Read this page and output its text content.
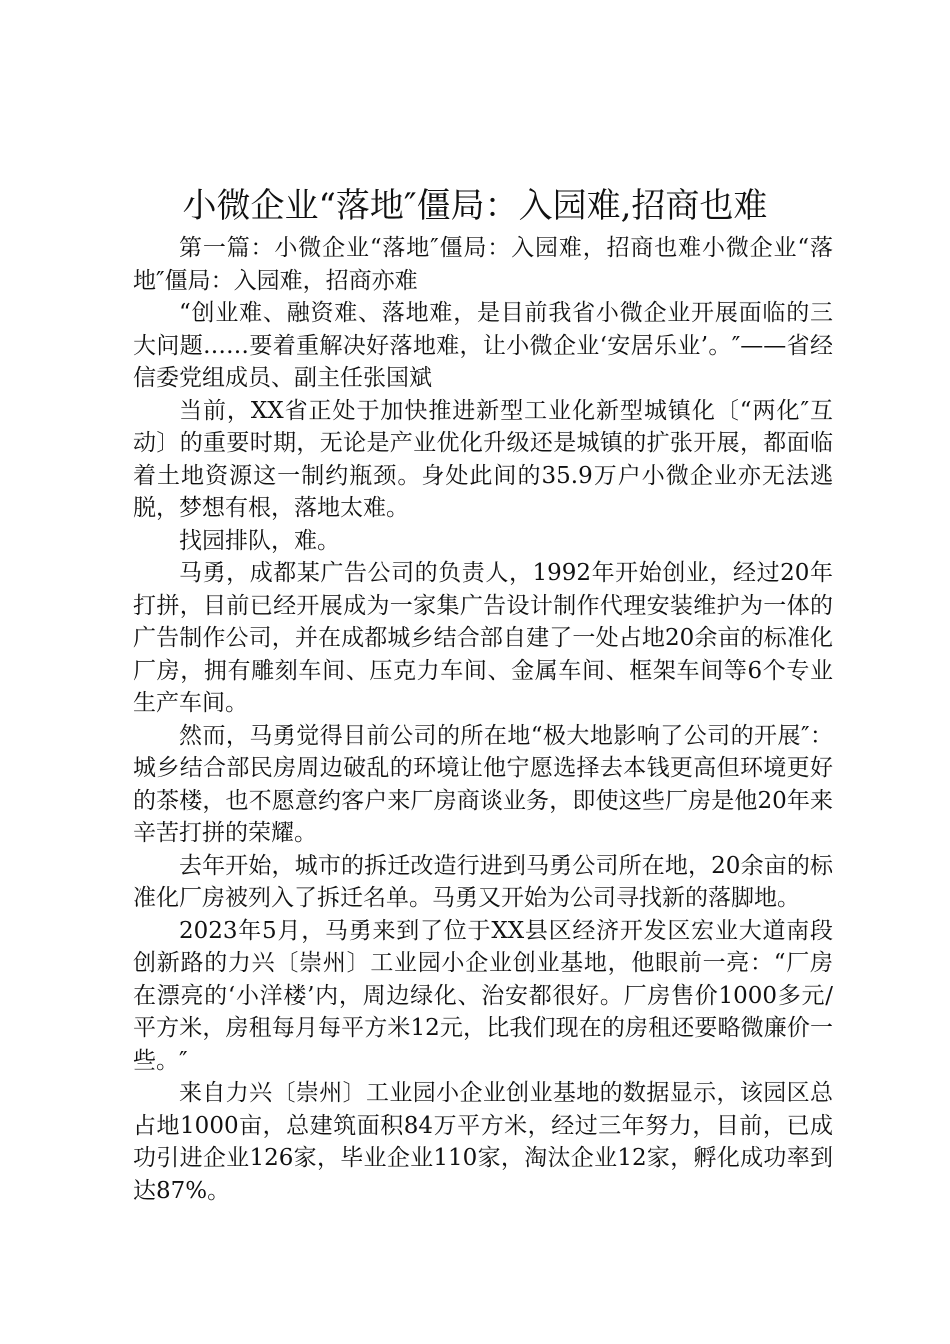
小微企业“落地″僵局：入园难,招商也难

第一篇：小微企业“落地″僵局：入园难，招商也难小微企业“落地″僵局：入园难，招商亦难

“创业难、融资难、落地难，是目前我省小微企业开展面临的三大问题……要着重解决好落地难，让小微企业‘安居乐业’。″——省经信委党组成员、副主任张国斌

当前，XX省正处于加快推进新型工业化新型城镇化〔“两化″互动〕的重要时期，无论是产业优化升级还是城镇的扩张开展，都面临着土地资源这一制约瓶颈。身处此间的35.9万户小微企业亦无法逃脱，梦想有根，落地太难。

找园排队，难。

马勇，成都某广告公司的负责人，1992年开始创业，经过20年打拼，目前已经开展成为一家集广告设计制作代理安装维护为一体的广告制作公司，并在成都城乡结合部自建了一处占地20余亩的标准化厂房，拥有雕刻车间、压克力车间、金属车间、框架车间等6个专业生产车间。

然而，马勇觉得目前公司的所在地“极大地影响了公司的开展″：城乡结合部民房周边破乱的环境让他宁愿选择去本钱更高但环境更好的茶楼，也不愿意约客户来厂房商谈业务，即使这些厂房是他20年来辛苦打拼的荣耀。

去年开始，城市的拆迁改造行进到马勇公司所在地，20余亩的标准化厂房被列入了拆迁名单。马勇又开始为公司寻找新的落脚地。

2023年5月，马勇来到了位于XX县区经济开发区宏业大道南段创新路的力兴〔崇州〕工业园小企业创业基地，他眼前一亮：“厂房在漂亮的‘小洋楼’内，周边绿化、治安都很好。厂房售价1000多元/平方米，房租每月每平方米12元，比我们现在的房租还要略微廉价一些。″

来自力兴〔崇州〕工业园小企业创业基地的数据显示，该园区总占地1000亩，总建筑面积84万平方米，经过三年努力，目前，已成功引进企业126家，毕业企业110家，淘汰企业12家，孵化成功率到达87%。
